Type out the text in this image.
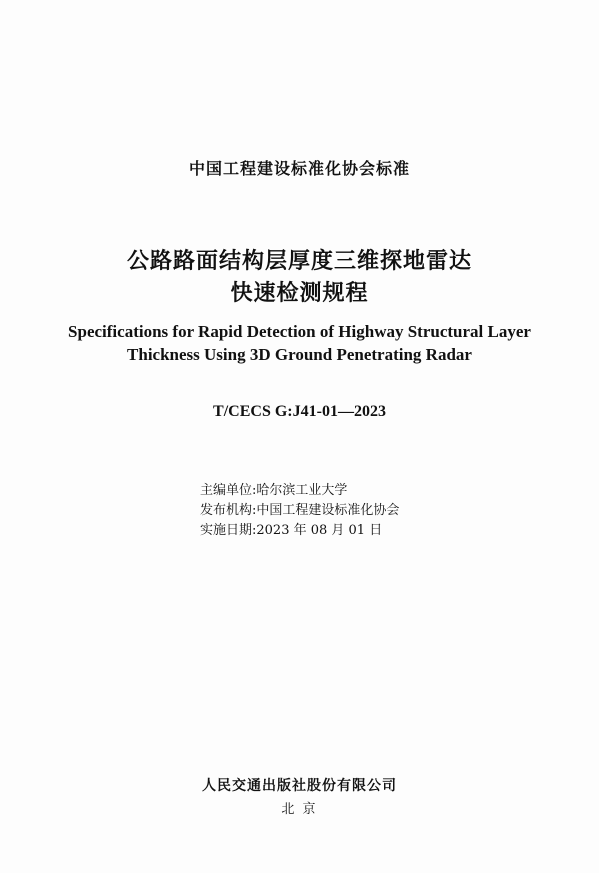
中国工程建设标准化协会标准
公路路面结构层厚度三维探地雷达
快速检测规程
Specifications for Rapid Detection of Highway Structural Layer
Thickness Using 3D Ground Penetrating Radar
T/CECS G:J41-01—2023
主编单位:哈尔滨工业大学
发布机构:中国工程建设标准化协会
实施日期:2023 年 08 月 01 日
人民交通出版社股份有限公司
北 京
